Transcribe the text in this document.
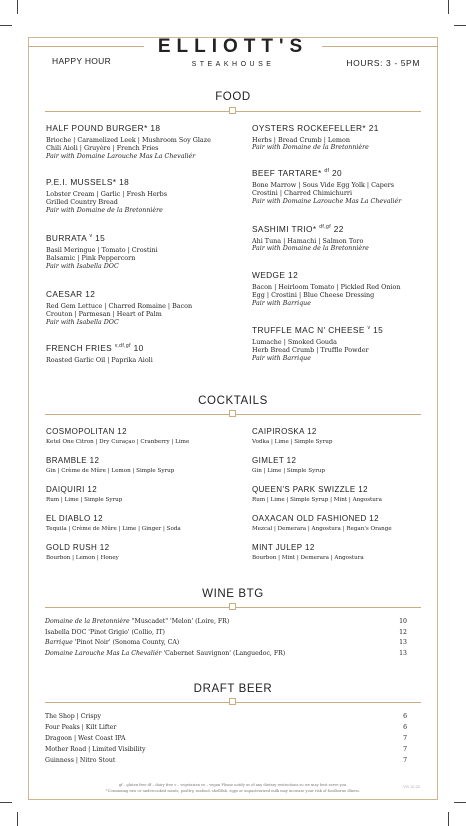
HAPPY HOUR
ELLIOTT'S
STEAKHOUSE	HOURS: 3 - 5PM
FOOD
HALF POUND BURGER* 18
Brioche | Caramelized Leek | Mushroom Soy Glaze
Chili Aioli | Gruyère | French Fries
Pair with Domaine Larouche Mas La Chevaliér
P.E.I. MUSSELS* 18
Lobster Cream | Garlic | Fresh Herbs
Grilled Country Bread
Pair with Domaine de la Bretonnière
BURRATA $^v$ 15
Basil Meringue | Tomato | Crostini
Balsamic | Pink Peppercorn
Pair with Isabella DOC
CAESAR 12
Red Gem Lettuce | Charred Romaine | Bacon
Crouton | Parmesan | Heart of Palm
Pair with Isabella DOC
FRENCH FRIES $^{v,df,gf}$ 10
Roasted Garlic Oil | Paprika Aioli
OYSTERS ROCKEFELLER* 21
Herbs | Bread Crumb | Lemon
Pair with Domaine de la Bretonnière
BEEF TARTARE* $^{df}$ 20
Bone Marrow | Sous Vide Egg Yolk | Capers
Crostini | Charred Chimichurri
Pair with Domaine Larouche Mas La Chevaliér
SASHIMI TRIO* $^{df,gf}$ 22
Ahi Tuna | Hamachi | Salmon Toro
Pair with Domaine de la Bretonnière
WEDGE 12
Bacon | Heirloom Tomato | Pickled Red Onion
Egg | Crostini | Blue Cheese Dressing
Pair with Barrique
TRUFFLE MAC N' CHEESE $^v$ 15
Lumache | Smoked Gouda
Herb Bread Crumb | Truffle Powder
Pair with Barrique
COCKTAILS
COSMOPOLITAN 12
Ketel One Citron | Dry Curaçao | Cranberry | Lime
BRAMBLE 12
Gin | Crème de Mûre | Lemon | Simple Syrup
DAIQUIRI 12
Rum | Lime | Simple Syrup
EL DIABLO 12
Tequila | Crème de Mûre | Lime | Ginger | Soda
GOLD RUSH 12
Bourbon | Lemon | Honey
CAIPIROSKA 12
Vodka | Lime | Simple Syrup
GIMLET 12
Gin | Lime | Simple Syrup
QUEEN'S PARK SWIZZLE 12
Rum | Lime | Simple Syrup | Mint | Angostura
OAXACAN OLD FASHIONED 12
Mezcal | Demerara | Angostura | Regan's Orange
MINT JULEP 12
Bourbon | Mint | Demerara | Angostura
WINE BTG
Domaine de la Bretonnière "Muscadet" 'Melon' (Loire, FR)	10
Isabella DOC 'Pinot Grigio' (Collio, IT)	12
Barrique 'Pinot Noir' (Sonoma County, CA)	13
Domaine Larouche Mas La Chevaliér 'Cabernet Sauvignon' (Languedoc, FR)	13
DRAFT BEER
The Shop | Crispy	6
Four Peaks | Kilt Lifter	6
Dragoon | West Coast IPA	7
Mother Road | Limited Visibility	7
Guinness | Nitro Stout	7
gf – gluten free df – dairy free v – vegetarian ve – vegan Please notify us of any dietary restrictions so we may best serve you.
*Consuming raw or undercooked meats, poultry, seafood, shellfish, eggs or unpasteurized milk may increase your risk of foodborne illness.
VG 12.22
